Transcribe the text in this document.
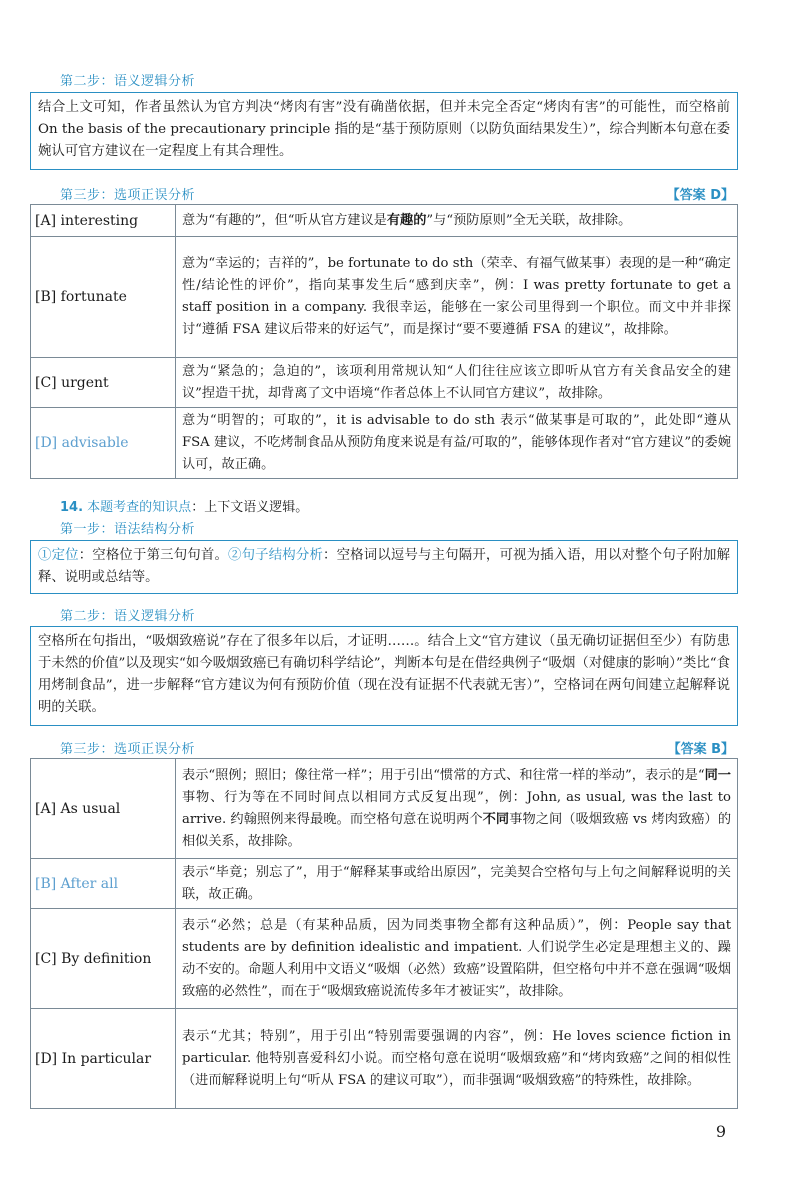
第二步：语义逻辑分析
结合上文可知，作者虽然认为官方判决“烤肉有害”没有确凿依据，但并未完全否定“烤肉有害”的可能性，而空格前 On the basis of the precautionary principle 指的是“基于预防原则（以防负面结果发生）”，综合判断本句意在委婉认可官方建议在一定程度上有其合理性。
第三步：选项正误分析	【答案 D】
[A] interesting	意为“有趣的”，但“听从官方建议是有趣的”与“预防原则”全无关联，故排除。
[B] fortunate	意为“幸运的；吉祥的”，be fortunate to do sth（荣幸、有福气做某事）表现的是一种“确定性/结论性的评价”，指向某事发生后“感到庆幸”，例：I was pretty fortunate to get a staff position in a company. 我很幸运，能够在一家公司里得到一个职位。而文中并非探讨“遵循 FSA 建议后带来的好运气”，而是探讨“要不要遵循 FSA 的建议”，故排除。
[C] urgent	意为“紧急的；急迫的”，该项利用常规认知“人们往往应该立即听从官方有关食品安全的建议”捏造干扰，却背离了文中语境“作者总体上不认同官方建议”，故排除。
[D] advisable	意为“明智的；可取的”，it is advisable to do sth 表示“做某事是可取的”，此处即“遵从 FSA 建议，不吃烤制食品从预防角度来说是有益/可取的”，能够体现作者对“官方建议”的委婉认可，故正确。
14. 本题考查的知识点：上下文语义逻辑。
第一步：语法结构分析
①定位：空格位于第三句句首。②句子结构分析：空格词以逗号与主句隔开，可视为插入语，用以对整个句子附加解释、说明或总结等。
第二步：语义逻辑分析
空格所在句指出，“吸烟致癌说”存在了很多年以后，才证明……。结合上文“官方建议（虽无确切证据但至少）有防患于未然的价值”以及现实“如今吸烟致癌已有确切科学结论”，判断本句是在借经典例子“吸烟（对健康的影响）”类比“食用烤制食品”，进一步解释“官方建议为何有预防价值（现在没有证据不代表就无害）”，空格词在两句间建立起解释说明的关联。
第三步：选项正误分析	【答案 B】
[A] As usual	表示“照例；照旧；像往常一样”；用于引出“惯常的方式、和往常一样的举动”，表示的是“同一事物、行为等在不同时间点以相同方式反复出现”，例：John, as usual, was the last to arrive. 约翰照例来得最晚。而空格句意在说明两个不同事物之间（吸烟致癌 vs 烤肉致癌）的相似关系，故排除。
[B] After all	表示“毕竟；别忘了”，用于“解释某事或给出原因”，完美契合空格句与上句之间解释说明的关联，故正确。
[C] By definition	表示“必然；总是（有某种品质，因为同类事物全都有这种品质）”，例：People say that students are by definition idealistic and impatient. 人们说学生必定是理想主义的、躁动不安的。命题人利用中文语义“吸烟（必然）致癌”设置陷阱，但空格句中并不意在强调“吸烟致癌的必然性”，而在于“吸烟致癌说流传多年才被证实”，故排除。
[D] In particular	表示“尤其；特别”，用于引出“特别需要强调的内容”，例：He loves science fiction in particular. 他特别喜爱科幻小说。而空格句意在说明“吸烟致癌”和“烤肉致癌”之间的相似性（进而解释说明上句“听从 FSA 的建议可取”），而非强调“吸烟致癌”的特殊性，故排除。
9
